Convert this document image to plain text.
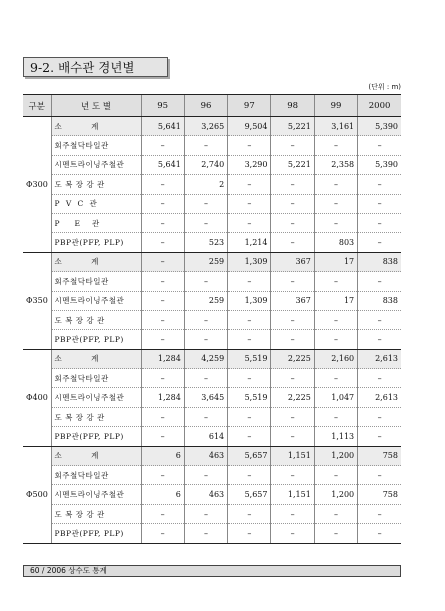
9-2. 배수관 경년별
(단위 : m)
구분	년 도 별	95	96	97	98	99	2000
Φ300	소          계	5,641	3,265	9,504	5,221	3,161	5,390
	회주철닥타일관	–	–	–	–	–	–
	시멘트라이닝주철관	5,641	2,740	3,290	5,221	2,358	5,390
	도 복 장 강 관	–	2	–	–	–	–
	P  V  C  관	–	–	–	–	–	–
	P     E    관	–	–	–	–	–	–
	PBP관(PFP, PLP)	–	523	1,214	–	803	–
Φ350	소          계	–	259	1,309	367	17	838
	회주철닥타일관	–	–	–	–	–	–
	시멘트라이닝주철관	–	259	1,309	367	17	838
	도 복 장 강 관	–	–	–	–	–	–
	PBP관(PFP, PLP)	–	–	–	–	–	–
Φ400	소          계	1,284	4,259	5,519	2,225	2,160	2,613
	회주철닥타일관	–	–	–	–	–	–
	시멘트라이닝주철관	1,284	3,645	5,519	2,225	1,047	2,613
	도 복 장 강 관	–	–	–	–	–	–
	PBP관(PFP, PLP)	–	614	–	–	1,113	–
Φ500	소          계	6	463	5,657	1,151	1,200	758
	회주철닥타일관	–	–	–	–	–	–
	시멘트라이닝주철관	6	463	5,657	1,151	1,200	758
	도 복 장 강 관	–	–	–	–	–	–
	PBP관(PFP, PLP)	–	–	–	–	–	–
60 / 2006 상수도 통계
